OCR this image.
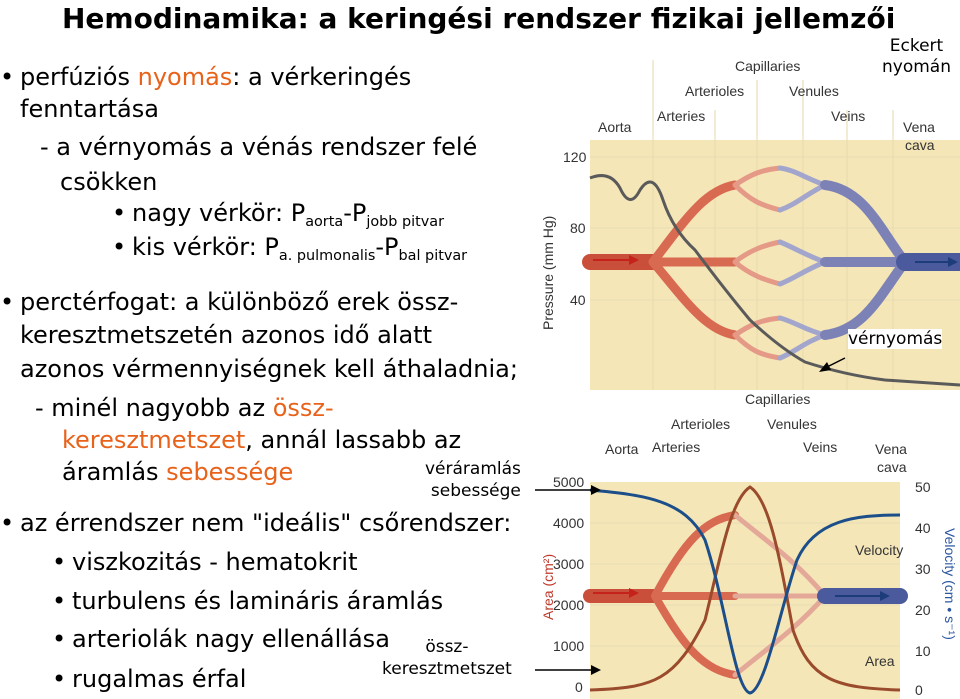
Hemodinamika: a keringési rendszer fizikai jellemzői
• perfúziós nyomás: a vérkeringés
fenntartása
- a vérnyomás a vénás rendszer felé
csökken
• nagy vérkör: $P_{aorta}-P_{jobb pitvar}$
• kis vérkör: $P_{a. pulmonalis}-P_{bal pitvar}$
• perctérfogat: a különböző erek össz-
keresztmetszetén azonos idő alatt
azonos vérmennyiségnek kell áthaladnia;
- minél nagyobb az össz-
keresztmetszet, annál lassabb az
áramlás sebessége
• az érrendszer nem "ideális" csőrendszer:
• viszkozitás - hematokrit
• turbulens és lamináris áramlás
• arteriolák nagy ellenállása
• rugalmas érfal
Capillaries
Arterioles	Venules
Arteries	Veins
Aorta	Vena
cava
120
80
40
Pressure (mm Hg)
Capillaries
Arterioles	Venules
Arteries	Veins
Aorta	Vena
cava
Velocity
Area
5000
4000
3000
2000
1000
0
50
40
30
20
10
0
Area (cm²)	Velocity (cm • s⁻¹)
Eckert
nyomán
vérnyomás
véráramlás
sebessége
össz-
keresztmetszet
